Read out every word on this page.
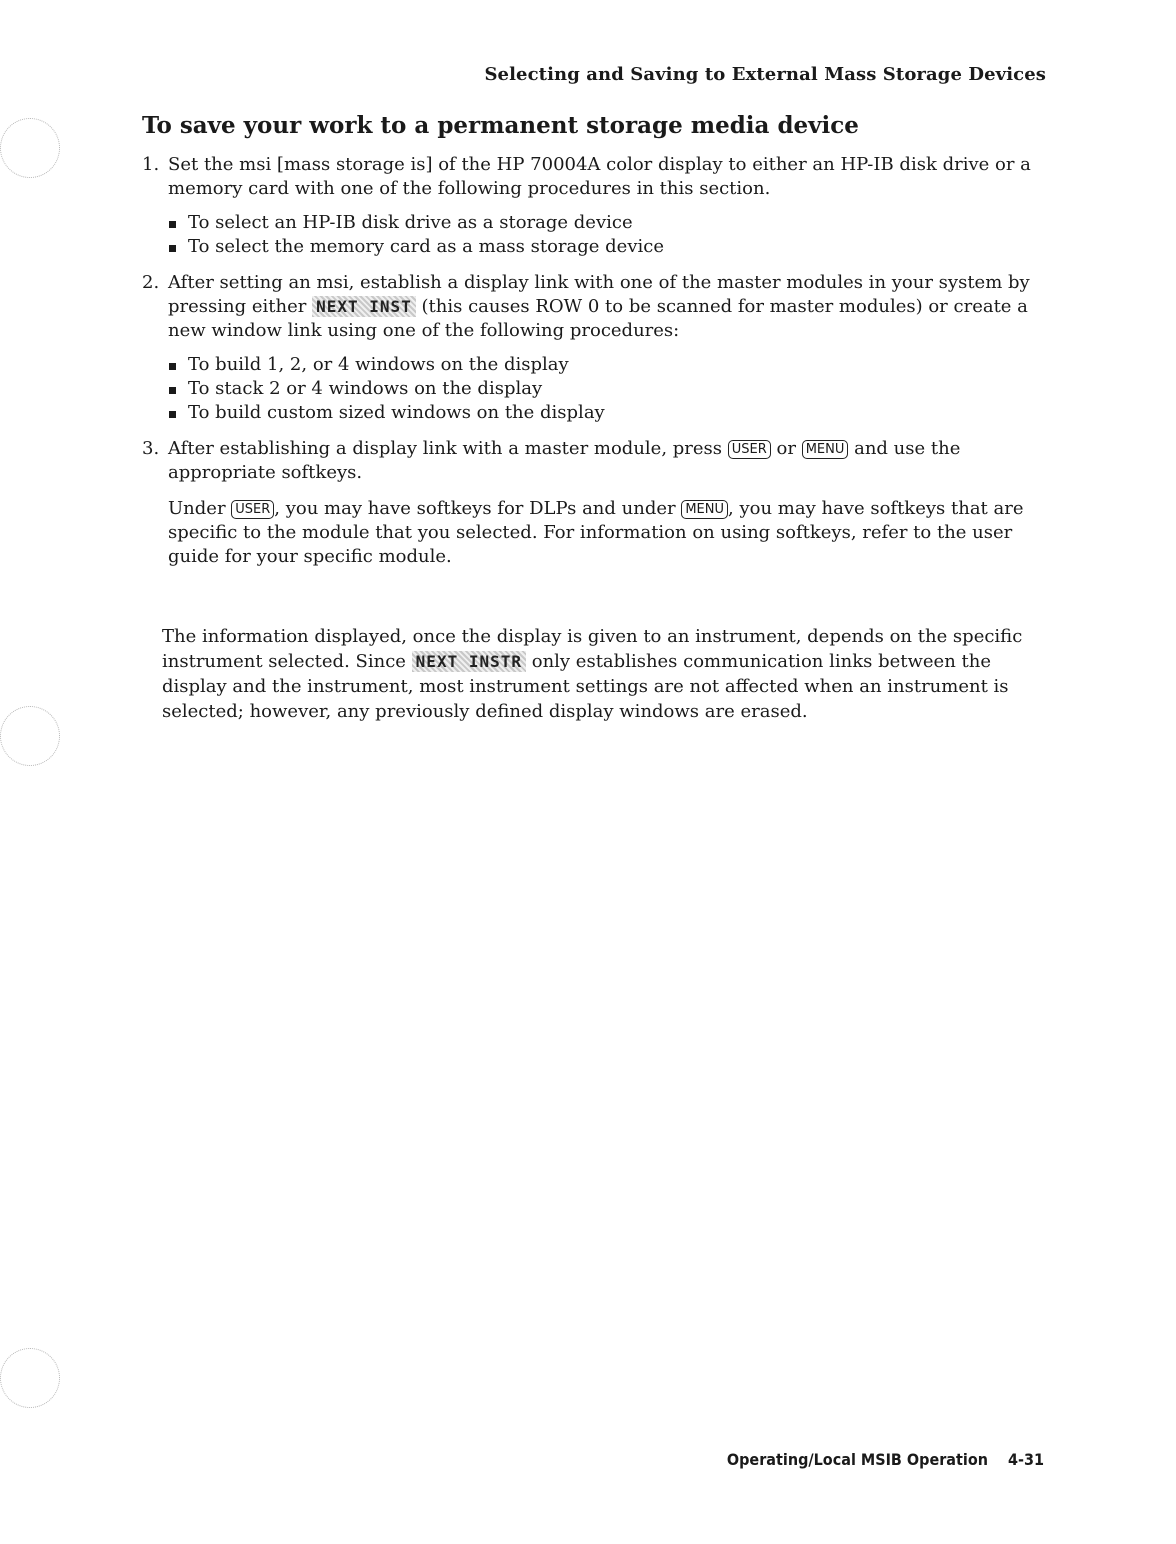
Selecting and Saving to External Mass Storage Devices
To save your work to a permanent storage media device
1. Set the msi [mass storage is] of the HP 70004A color display to either an HP-IB disk drive or a memory card with one of the following procedures in this section.
To select an HP-IB disk drive as a storage device
To select the memory card as a mass storage device
2. After setting an msi, establish a display link with one of the master modules in your system by pressing either NEXT INST (this causes ROW 0 to be scanned for master modules) or create a new window link using one of the following procedures:
To build 1, 2, or 4 windows on the display
To stack 2 or 4 windows on the display
To build custom sized windows on the display
3. After establishing a display link with a master module, press USER or MENU and use the appropriate softkeys.
Under USER , you may have softkeys for DLPs and under MENU , you may have softkeys that are specific to the module that you selected. For information on using softkeys, refer to the user guide for your specific module.
The information displayed, once the display is given to an instrument, depends on the specific instrument selected. Since NEXT INSTR only establishes communication links between the display and the instrument, most instrument settings are not affected when an instrument is selected; however, any previously defined display windows are erased.
Operating/Local MSIB Operation 4-31
